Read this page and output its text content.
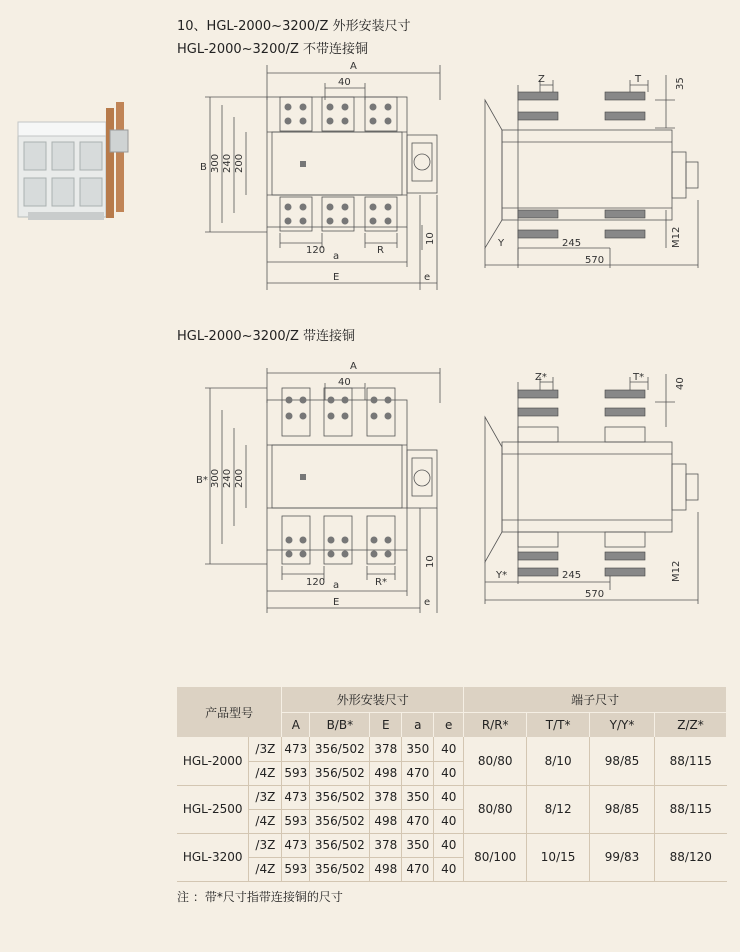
10、HGL-2000~3200/Z 外形安装尺寸
HGL-2000~3200/Z 不带连接铜
HGL-2000~3200/Z 带连接铜
A
40
B 300 240 200
120	R
10
a
E	e
Z	T	35
Y	245
570
M12
A
40
B* 300 240 200
120	R*
10
a
E	e
Z*	T*	40
Y*	245
570
M12
产品型号		外形安装尺寸					端子尺寸			
		A	B/B*	E	a	e	R/R*	T/T*	Y/Y*	Z/Z*
HGL-2000	/3Z	473	356/502	378	350	40	80/80	8/10	98/85	88/115
	/4Z	593	356/502	498	470	40				
HGL-2500	/3Z	473	356/502	378	350	40	80/80	8/12	98/85	88/115
	/4Z	593	356/502	498	470	40				
HGL-3200	/3Z	473	356/502	378	350	40	80/100	10/15	99/83	88/120
	/4Z	593	356/502	498	470	40				
注 ：带*尺寸指带连接铜的尺寸
